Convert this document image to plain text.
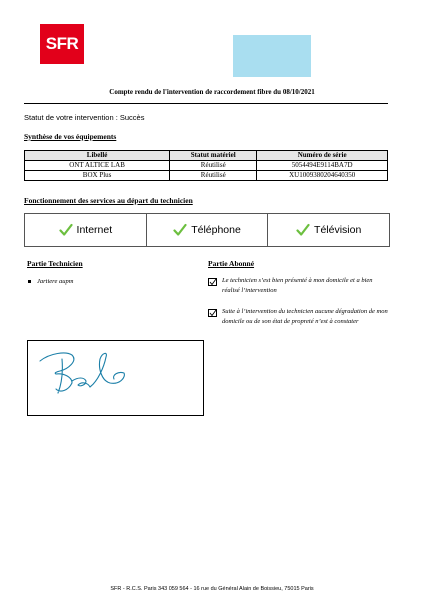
SFR
Compte rendu de l'intervention de raccordement fibre du 08/10/2021
Statut de votre intervention : Succès
Synthèse de vos équipements
Libellé	Statut matériel	Numéro de série
ONT ALTICE LAB	Réutilisé	5054494E9114BA7D
BOX Plus	Réutilisé	XU1009380204640350
Fonctionnement des services au départ du technicien
Internet	Téléphone	Télévision
Partie Technicien	Partie Abonné
Jartiere aupm	Le technicien s’est bien présenté à mon domicile et a bien réalisé l’intervention
Suite à l’intervention du technicien aucune dégradation de mon domicile ou de son état de propreté n’est à constater
SFR - R.C.S. Paris 343 059 564 - 16 rue du Général Alain de Boissieu, 75015 Paris
